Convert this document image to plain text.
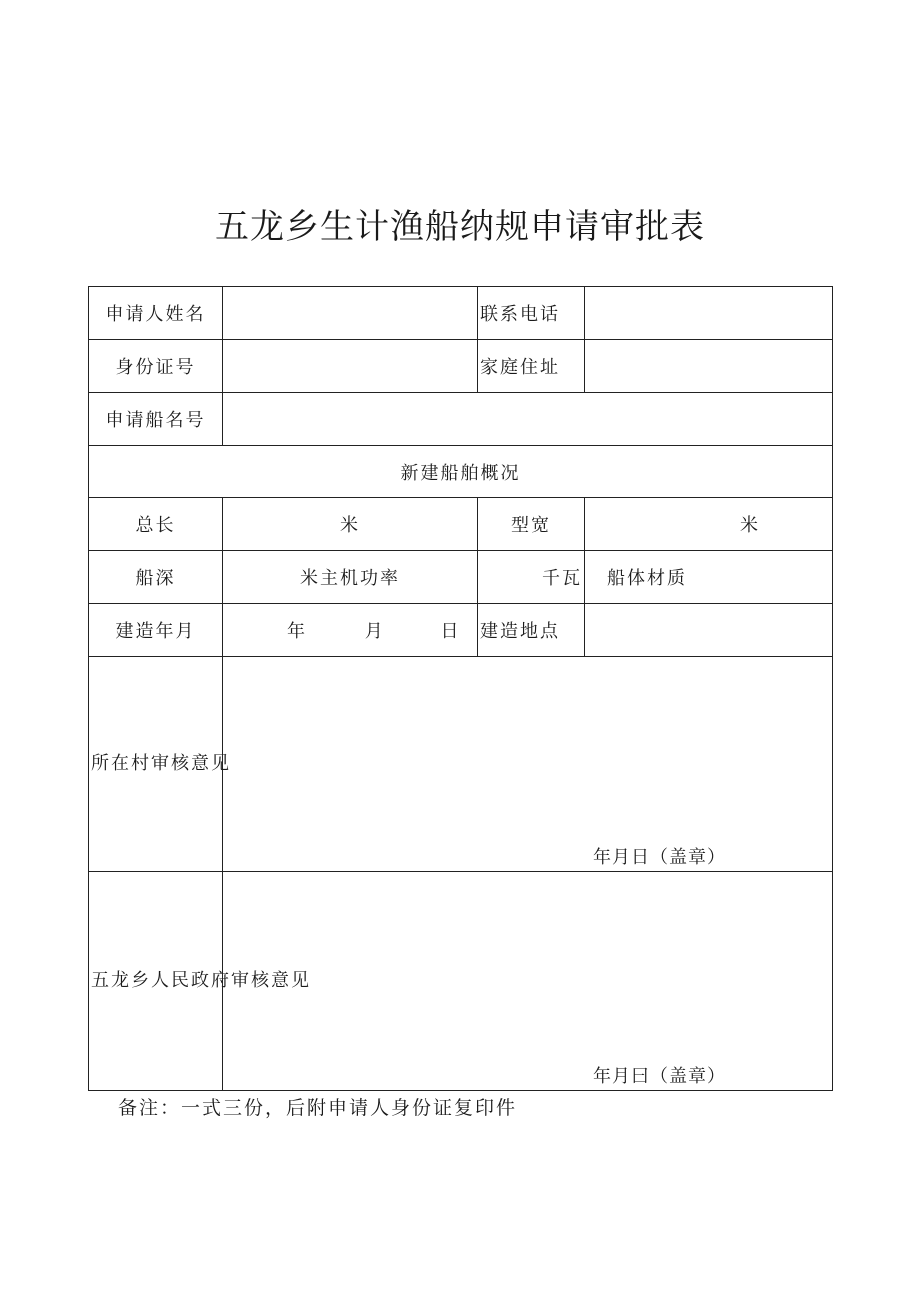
五龙乡生计渔船纳规申请审批表
申请人姓名		联系电话	
身份证号		家庭住址	
申请船名号			
新建船舶概况			
总长	米	型宽	米
船深	米主机功率	千瓦	船体材质
建造年月	年 月 日	建造地点	
所在村审核意见	年月日（盖章）		

五龙乡人民政府审核意见	年月曰（盖章）		
备注：一式三份，后附申请人身份证复印件
